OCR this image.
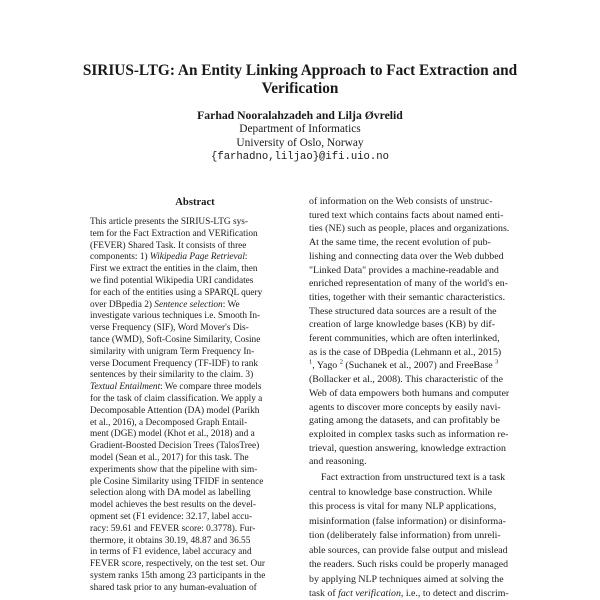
SIRIUS-LTG: An Entity Linking Approach to Fact Extraction and
Verification
Farhad Nooralahzadeh and Lilja Øvrelid
Department of Informatics
University of Oslo, Norway
{farhadno,liljao}@ifi.uio.no
Abstract
This article presents the SIRIUS-LTG sys-
tem for the Fact Extraction and VERification
(FEVER) Shared Task. It consists of three
components: 1) Wikipedia Page Retrieval:
First we extract the entities in the claim, then
we find potential Wikipedia URI candidates
for each of the entities using a SPARQL query
over DBpedia 2) Sentence selection: We
investigate various techniques i.e. Smooth In-
verse Frequency (SIF), Word Mover's Dis-
tance (WMD), Soft-Cosine Similarity, Cosine
similarity with unigram Term Frequency In-
verse Document Frequency (TF-IDF) to rank
sentences by their similarity to the claim. 3)
Textual Entailment: We compare three models
for the task of claim classification. We apply a
Decomposable Attention (DA) model (Parikh
et al., 2016), a Decomposed Graph Entail-
ment (DGE) model (Khot et al., 2018) and a
Gradient-Boosted Decision Trees (TalosTree)
model (Sean et al., 2017) for this task. The
experiments show that the pipeline with sim-
ple Cosine Similarity using TFIDF in sentence
selection along with DA model as labelling
model achieves the best results on the devel-
opment set (F1 evidence: 32.17, label accu-
racy: 59.61 and FEVER score: 0.3778). Fur-
thermore, it obtains 30.19, 48.87 and 36.55
in terms of F1 evidence, label accuracy and
FEVER score, respectively, on the test set. Our
system ranks 15th among 23 participants in the
shared task prior to any human-evaluation of
of information on the Web consists of unstruc-
tured text which contains facts about named enti-
ties (NE) such as people, places and organizations.
At the same time, the recent evolution of pub-
lishing and connecting data over the Web dubbed
"Linked Data" provides a machine-readable and
enriched representation of many of the world's en-
tities, together with their semantic characteristics.
These structured data sources are a result of the
creation of large knowledge bases (KB) by dif-
ferent communities, which are often interlinked,
as is the case of DBpedia (Lehmann et al., 2015)
$^1$, Yago $^2$ (Suchanek et al., 2007) and FreeBase $^3$
(Bollacker et al., 2008). This characteristic of the
Web of data empowers both humans and computer
agents to discover more concepts by easily navi-
gating among the datasets, and can profitably be
exploited in complex tasks such as information re-
trieval, question answering, knowledge extraction
and reasoning.
Fact extraction from unstructured text is a task
central to knowledge base construction. While
this process is vital for many NLP applications,
misinformation (false information) or disinforma-
tion (deliberately false information) from unreli-
able sources, can provide false output and mislead
the readers. Such risks could be properly managed
by applying NLP techniques aimed at solving the
task of fact verification, i.e., to detect and discrim-
